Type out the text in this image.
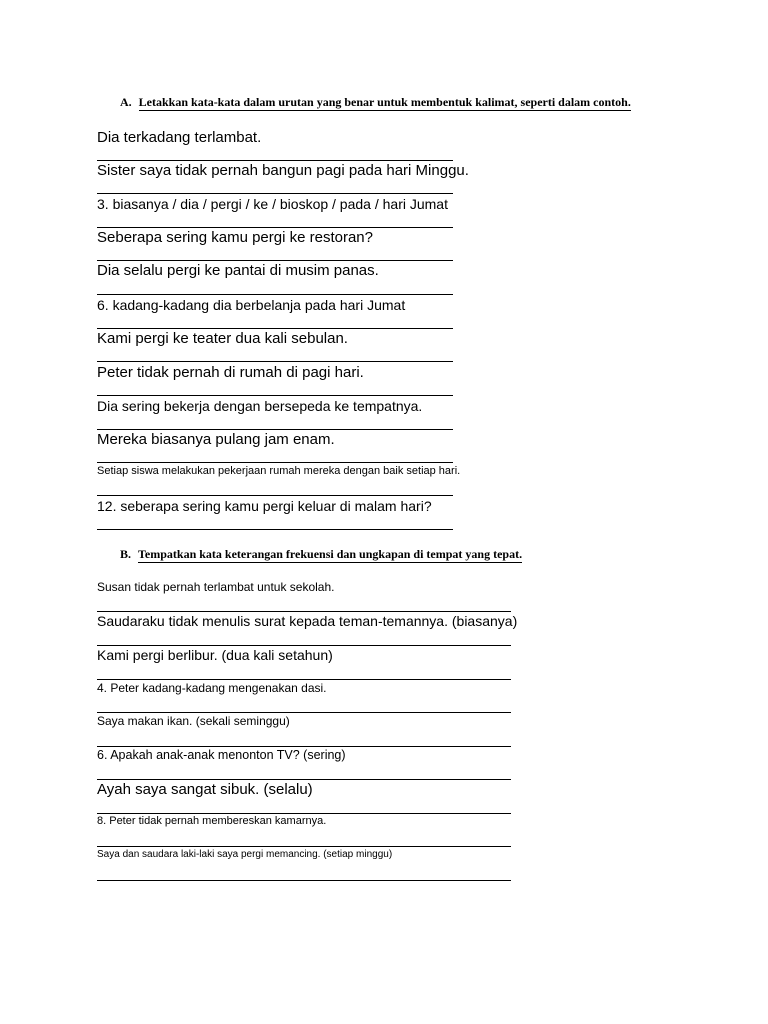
A. Letakkan kata-kata dalam urutan yang benar untuk membentuk kalimat, seperti dalam contoh.
Dia terkadang terlambat.
Sister saya tidak pernah bangun pagi pada hari Minggu.
3. biasanya / dia / pergi / ke / bioskop / pada / hari Jumat
Seberapa sering kamu pergi ke restoran?
Dia selalu pergi ke pantai di musim panas.
6. kadang-kadang dia berbelanja pada hari Jumat
Kami pergi ke teater dua kali sebulan.
Peter tidak pernah di rumah di pagi hari.
Dia sering bekerja dengan bersepeda ke tempatnya.
Mereka biasanya pulang jam enam.
Setiap siswa melakukan pekerjaan rumah mereka dengan baik setiap hari.
12. seberapa sering kamu pergi keluar di malam hari?
B. Tempatkan kata keterangan frekuensi dan ungkapan di tempat yang tepat.
Susan tidak pernah terlambat untuk sekolah.
Saudaraku tidak menulis surat kepada teman-temannya. (biasanya)
Kami pergi berlibur. (dua kali setahun)
4. Peter kadang-kadang mengenakan dasi.
Saya makan ikan. (sekali seminggu)
6. Apakah anak-anak menonton TV? (sering)
Ayah saya sangat sibuk. (selalu)
8. Peter tidak pernah membereskan kamarnya.
Saya dan saudara laki-laki saya pergi memancing. (setiap minggu)
